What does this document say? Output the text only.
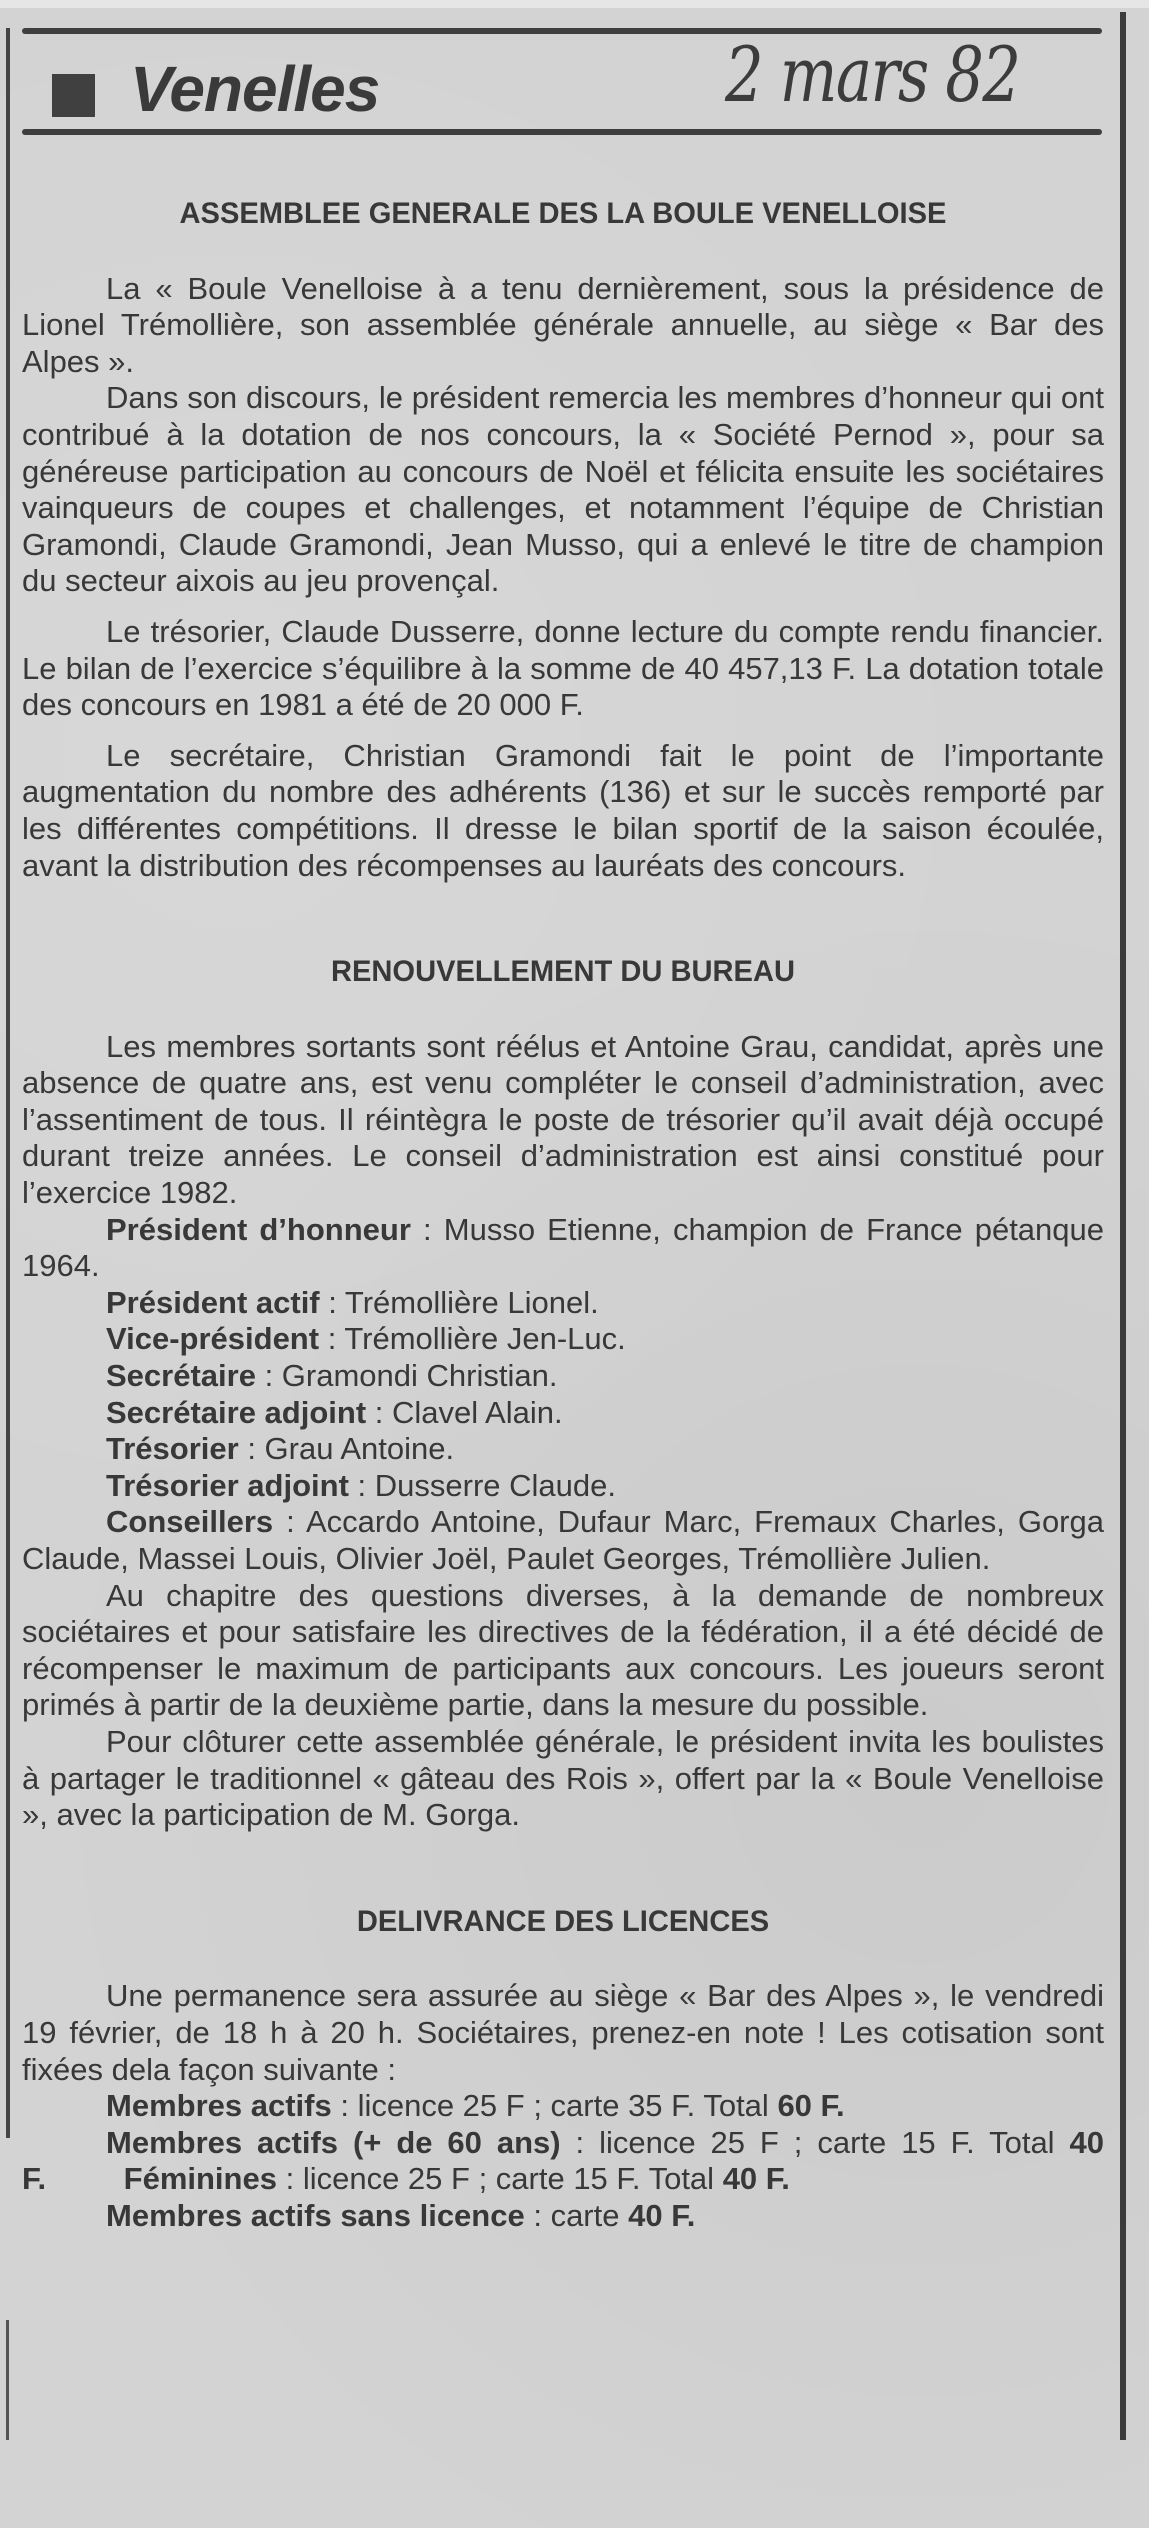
Venelles	2 mars 82
ASSEMBLEE GENERALE DES LA BOULE VENELLOISE

La « Boule Venelloise à a tenu dernièrement, sous la présidence de Lionel Trémollière, son assemblée générale annuelle, au siège « Bar des Alpes ».

Dans son discours, le président remercia les membres d’honneur qui ont contribué à la dotation de nos concours, la « Société Pernod », pour sa généreuse participation au concours de Noël et félicita ensuite les sociétaires vainqueurs de coupes et challenges, et notamment l’équipe de Christian Gramondi, Claude Gramondi, Jean Musso, qui a enlevé le titre de champion du secteur aixois au jeu provençal.

Le trésorier, Claude Dusserre, donne lecture du compte rendu financier. Le bilan de l’exercice s’équilibre à la somme de 40 457,13 F. La dotation totale des concours en 1981 a été de 20 000 F.

Le secrétaire, Christian Gramondi fait le point de l’importante augmentation du nombre des adhérents (136) et sur le succès remporté par les différentes compétitions. Il dresse le bilan sportif de la saison écoulée, avant la distribution des récompenses au lauréats des concours.

RENOUVELLEMENT DU BUREAU

Les membres sortants sont réélus et Antoine Grau, candidat, après une absence de quatre ans, est venu compléter le conseil d’administration, avec l’assentiment de tous. Il réintègra le poste de trésorier qu’il avait déjà occupé durant treize années. Le conseil d’administration est ainsi constitué pour l’exercice 1982.

Président d’honneur : Musso Etienne, champion de France pétanque 1964.

Président actif : Trémollière Lionel.

Vice-président : Trémollière Jen-Luc.

Secrétaire : Gramondi Christian.

Secrétaire adjoint : Clavel Alain.

Trésorier : Grau Antoine.

Trésorier adjoint : Dusserre Claude.

Conseillers : Accardo Antoine, Dufaur Marc, Fremaux Charles, Gorga Claude, Massei Louis, Olivier Joël, Paulet Georges, Trémollière Julien.

Au chapitre des questions diverses, à la demande de nombreux sociétaires et pour satisfaire les directives de la fédération, il a été décidé de récompenser le maximum de participants aux concours. Les joueurs seront primés à partir de la deuxième partie, dans la mesure du possible.

Pour clôturer cette assemblée générale, le président invita les boulistes à partager le traditionnel « gâteau des Rois », offert par la « Boule Venelloise », avec la participation de M. Gorga.

DELIVRANCE DES LICENCES

Une permanence sera assurée au siège « Bar des Alpes », le vendredi 19 février, de 18 h à 20 h. Sociétaires, prenez-en note ! Les cotisation sont fixées dela façon suivante :

Membres actifs : licence 25 F ; carte 35 F. Total 60 F.

Membres actifs (+ de 60 ans) : licence 25 F ; carte 15 F. Total 40 F.	Féminines : licence 25 F ; carte 15 F. Total 40 F.

Membres actifs sans licence : carte 40 F.
